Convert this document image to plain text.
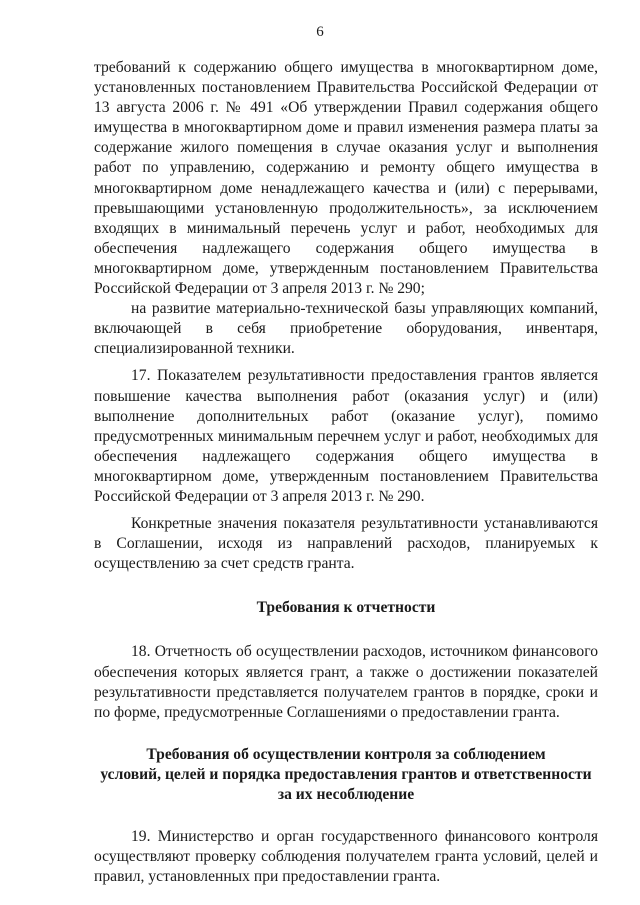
6

требований к содержанию общего имущества в многоквартирном доме, установленных постановлением Правительства Российской Федерации от 13 августа 2006 г. № 491 «Об утверждении Правил содержания общего имущества в многоквартирном доме и правил изменения размера платы за содержание жилого помещения в случае оказания услуг и выполнения работ по управлению, содержанию и ремонту общего имущества в многоквартирном доме ненадлежащего качества и (или) с перерывами, превышающими установленную продолжительность», за исключением входящих в минимальный перечень услуг и работ, необходимых для обеспечения надлежащего содержания общего имущества в многоквартирном доме, утвержденным постановлением Правительства Российской Федерации от 3 апреля 2013 г. № 290;

на развитие материально-технической базы управляющих компаний, включающей в себя приобретение оборудования, инвентаря, специализированной техники.

17. Показателем результативности предоставления грантов является повышение качества выполнения работ (оказания услуг) и (или) выполнение дополнительных работ (оказание услуг), помимо предусмотренных минимальным перечнем услуг и работ, необходимых для обеспечения надлежащего содержания общего имущества в многоквартирном доме, утвержденным постановлением Правительства Российской Федерации от 3 апреля 2013 г. № 290.

Конкретные значения показателя результативности устанавливаются в Соглашении, исходя из направлений расходов, планируемых к осуществлению за счет средств гранта.

Требования к отчетности

18. Отчетность об осуществлении расходов, источником финансового обеспечения которых является грант, а также о достижении показателей результативности представляется получателем грантов в порядке, сроки и по форме, предусмотренные Соглашениями о предоставлении гранта.

Требования об осуществлении контроля за соблюдением

условий, целей и порядка предоставления грантов и ответственности

за их несоблюдение

19. Министерство и орган государственного финансового контроля осуществляют проверку соблюдения получателем гранта условий, целей и правил, установленных при предоставлении гранта.
